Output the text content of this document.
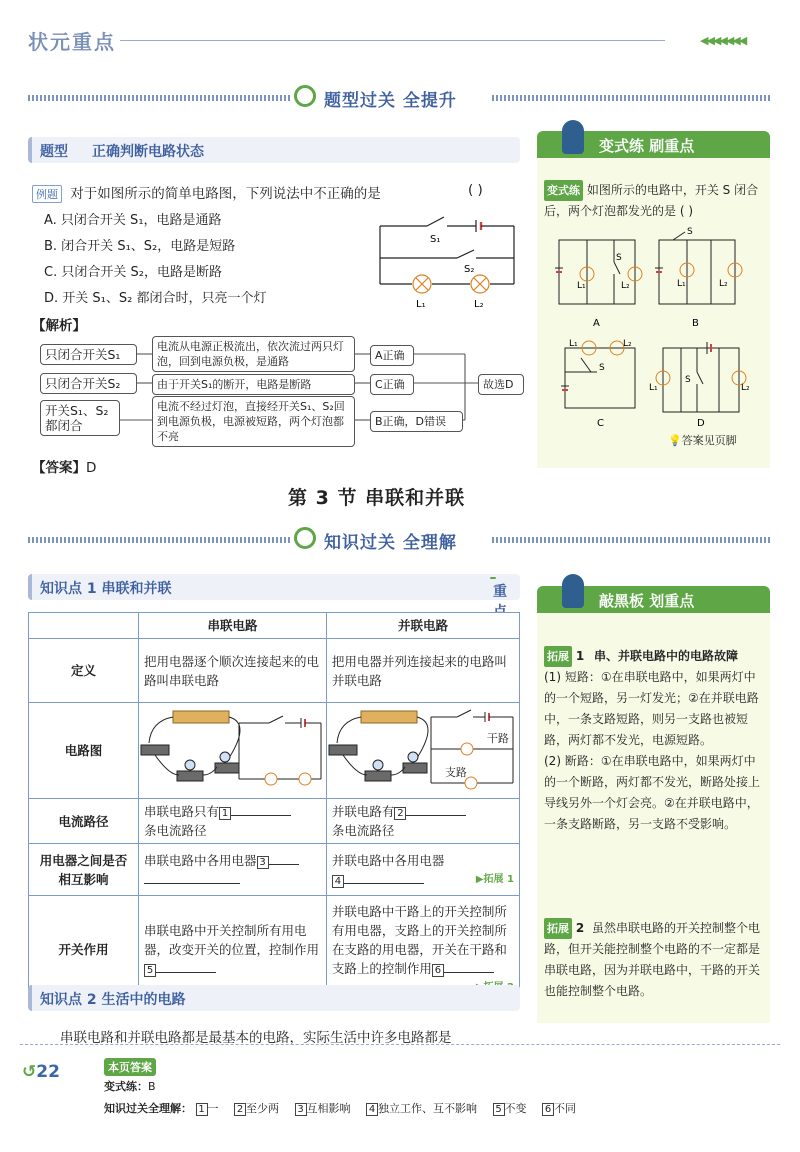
状元重点	◀◀◀◀◀◀◀
题型过关 全提升
题型 正确判断电路状态
例题 对于如图所示的简单电路图，下列说法中不正确的是	( )
A. 只闭合开关 S₁，电路是通路
B. 闭合开关 S₁、S₂，电路是短路
C. 只闭合开关 S₂，电路是断路
D. 开关 S₁、S₂ 都闭合时，只亮一个灯
S₁
S₂
L₁	L₂
【解析】
只闭合开关S₁
电流从电源正极流出，依次流过两只灯泡，回到电源负极，是通路	A正确
只闭合开关S₂	由于开关S₁的断开，电路是断路	C正确
开关S₁、S₂都闭合
电流不经过灯泡，直接经开关S₁、S₂回到电源负极，电源被短路，两个灯泡都不亮
B正确，D错误
故选D
【答案】D
变式练 刷重点
变式练 如图所示的电路中，开关 S 闭合后，两个灯泡都发光的是 ( )
L₁	L₂
S
L₁	L₂
S
L₁	L₂
S
L₁	L₂
S
A	B
C	D
💡答案见页脚
第 3 节 串联和并联
知识过关 全理解
知识点 1 串联和并联	重
	串联电路	并联电路
定义	把用电器逐个顺次连接起来的电路叫串联电路	把用电器并列连接起来的电路叫并联电路
电路图		干路
支路

电流路径	串联电路只有 1
条电流路径	并联电路有 2
条电流路径
用电器之间是否相互影响	串联电路中各用电器 3	并联电路中各用电器
4 ▶拓展 1

开关作用	串联电路中开关控制所有用电器，改变开关的位置，控制作用5	并联电路中干路上的开关控制所有用电器，支路上的开关控制所在支路的用电器，开关在干路和支路上的控制作用 6
知识点 2 生活中的电路
串联电路和并联电路都是最基本的电路，实际生活中许多电路都是
敲黑板 划重点
拓展 1 串、并联电路中的电路故障
(1) 短路：①在串联电路中，如果两灯中的一个短路，另一灯发光；②在并联电路中，一条支路短路，则另一支路也被短路，两灯都不发光，电源短路。
(2) 断路：①在串联电路中，如果两灯中的一个断路，两灯都不发光，断路处接上导线另外一个灯会亮。②在并联电路中，一条支路断路，另一支路不受影响。
拓展 2 虽然串联电路的开关控制整个电路，但开关能控制整个电路的不一定都是串联电路，因为并联电路中，干路的开关也能控制整个电路。
↺22	本页答案
变式练：B
知识过关全理解： 1 一 2 至少两 3 互相影响 4 独立工作、互不影响 5 不变 6 不同
